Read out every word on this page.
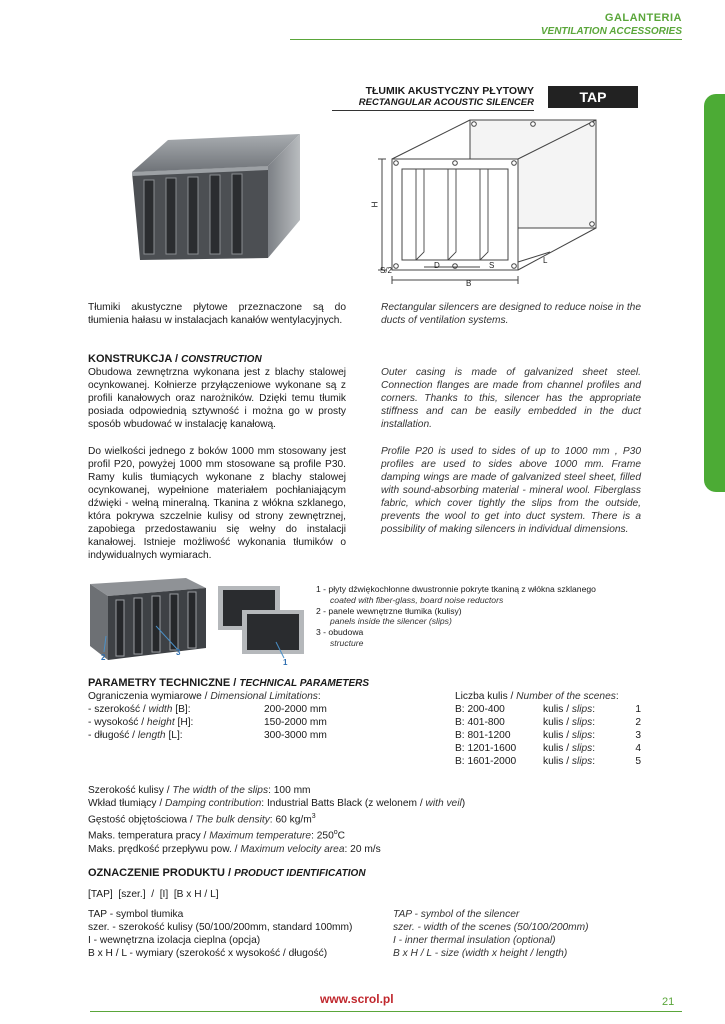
GALANTERIA
VENTILATION ACCESSORIES
TŁUMIK AKUSTYCZNY PŁYTOWY
RECTANGULAR ACOUSTIC SILENCER	TAP
H
S/2
D	S
B
L
Tłumiki akustyczne płytowe przeznaczone są do tłumienia hałasu w instalacjach kanałów wentylacyjnych.
Rectangular silencers are designed to reduce noise in the ducts of ventilation systems.
KONSTRUKCJA / CONSTRUCTION
Obudowa zewnętrzna wykonana jest z blachy stalowej ocynkowanej. Kołnierze przyłączeniowe wykonane są z profili kanałowych oraz narożników. Dzięki temu tłumik posiada odpowiednią sztywność i można go w prosty sposób wbudować w instalację kanałową.
Do wielkości jednego z boków 1000 mm stosowany jest profil P20, powyżej 1000 mm stosowane są profile P30. Ramy kulis tłumiących wykonane z blachy stalowej ocynkowanej, wypełnione materiałem pochłaniającym dźwięki - wełną mineralną. Tkanina z włókna szklanego, która pokrywa szczelnie kulisy od strony zewnętrznej, zapobiega przedostawaniu się wełny do instalacji kanałowej. Istnieje możliwość wykonania tłumików o indywidualnych wymiarach.
Outer casing is made of galvanized sheet steel. Connection flanges are made from channel profiles and corners. Thanks to this, silencer has the appropriate stiffness and can be easily embedded in the duct installation.
Profile P20 is used to sides of up to 1000 mm , P30 profiles are used to sides above 1000 mm. Frame damping wings are made of galvanized steel sheet, filled with sound-absorbing material - mineral wool. Fiberglass fabric, which cover tightly the slips from the outside, prevents the wool to get into duct system. There is a possibility of making silencers in individual dimensions.
2
3
1
1 - płyty dźwiękochłonne dwustronnie pokryte tkaniną z włókna szklanego
coated with fiber-glass, board noise reductors
2 - panele wewnętrzne tłumika (kulisy)
panels inside the silencer (slips)
3 - obudowa
structure
PARAMETRY TECHNICZNE / TECHNICAL PARAMETERS
Ograniczenia wymiarowe / Dimensional Limitations:
- szerokość / width [B]:	200-2000 mm
- wysokość / height [H]:	150-2000 mm
- długość / length [L]:	300-3000 mm
Liczba kulis / Number of the scenes:
B: 200-400	kulis / slips:	1
B: 401-800	kulis / slips:	2
B: 801-1200	kulis / slips:	3
B: 1201-1600	kulis / slips:	4
B: 1601-2000	kulis / slips:	5
Szerokość kulisy / The width of the slips: 100 mm
Wkład tłumiący / Damping contribution: Industrial Batts Black (z welonem / with veil)
Gęstość objętościowa / The bulk density: 60 $kg/m^3$
Maks. temperatura pracy / Maximum temperature: 250$^o$C
Maks. prędkość przepływu pow. / Maximum velocity area: 20 m/s
OZNACZENIE PRODUKTU / PRODUCT IDENTIFICATION
[TAP]  [szer.]  /  [I]  [B x H / L]
TAP - symbol tłumika
szer. - szerokość kulisy (50/100/200mm, standard 100mm)
I - wewnętrzna izolacja cieplna (opcja)
B x H / L - wymiary (szerokość x wysokość / długość)
TAP - symbol of the silencer
szer. - width of the scenes (50/100/200mm)
I - inner thermal insulation (optional)
B x H / L - size (width x height / length)
www.scrol.pl	21
